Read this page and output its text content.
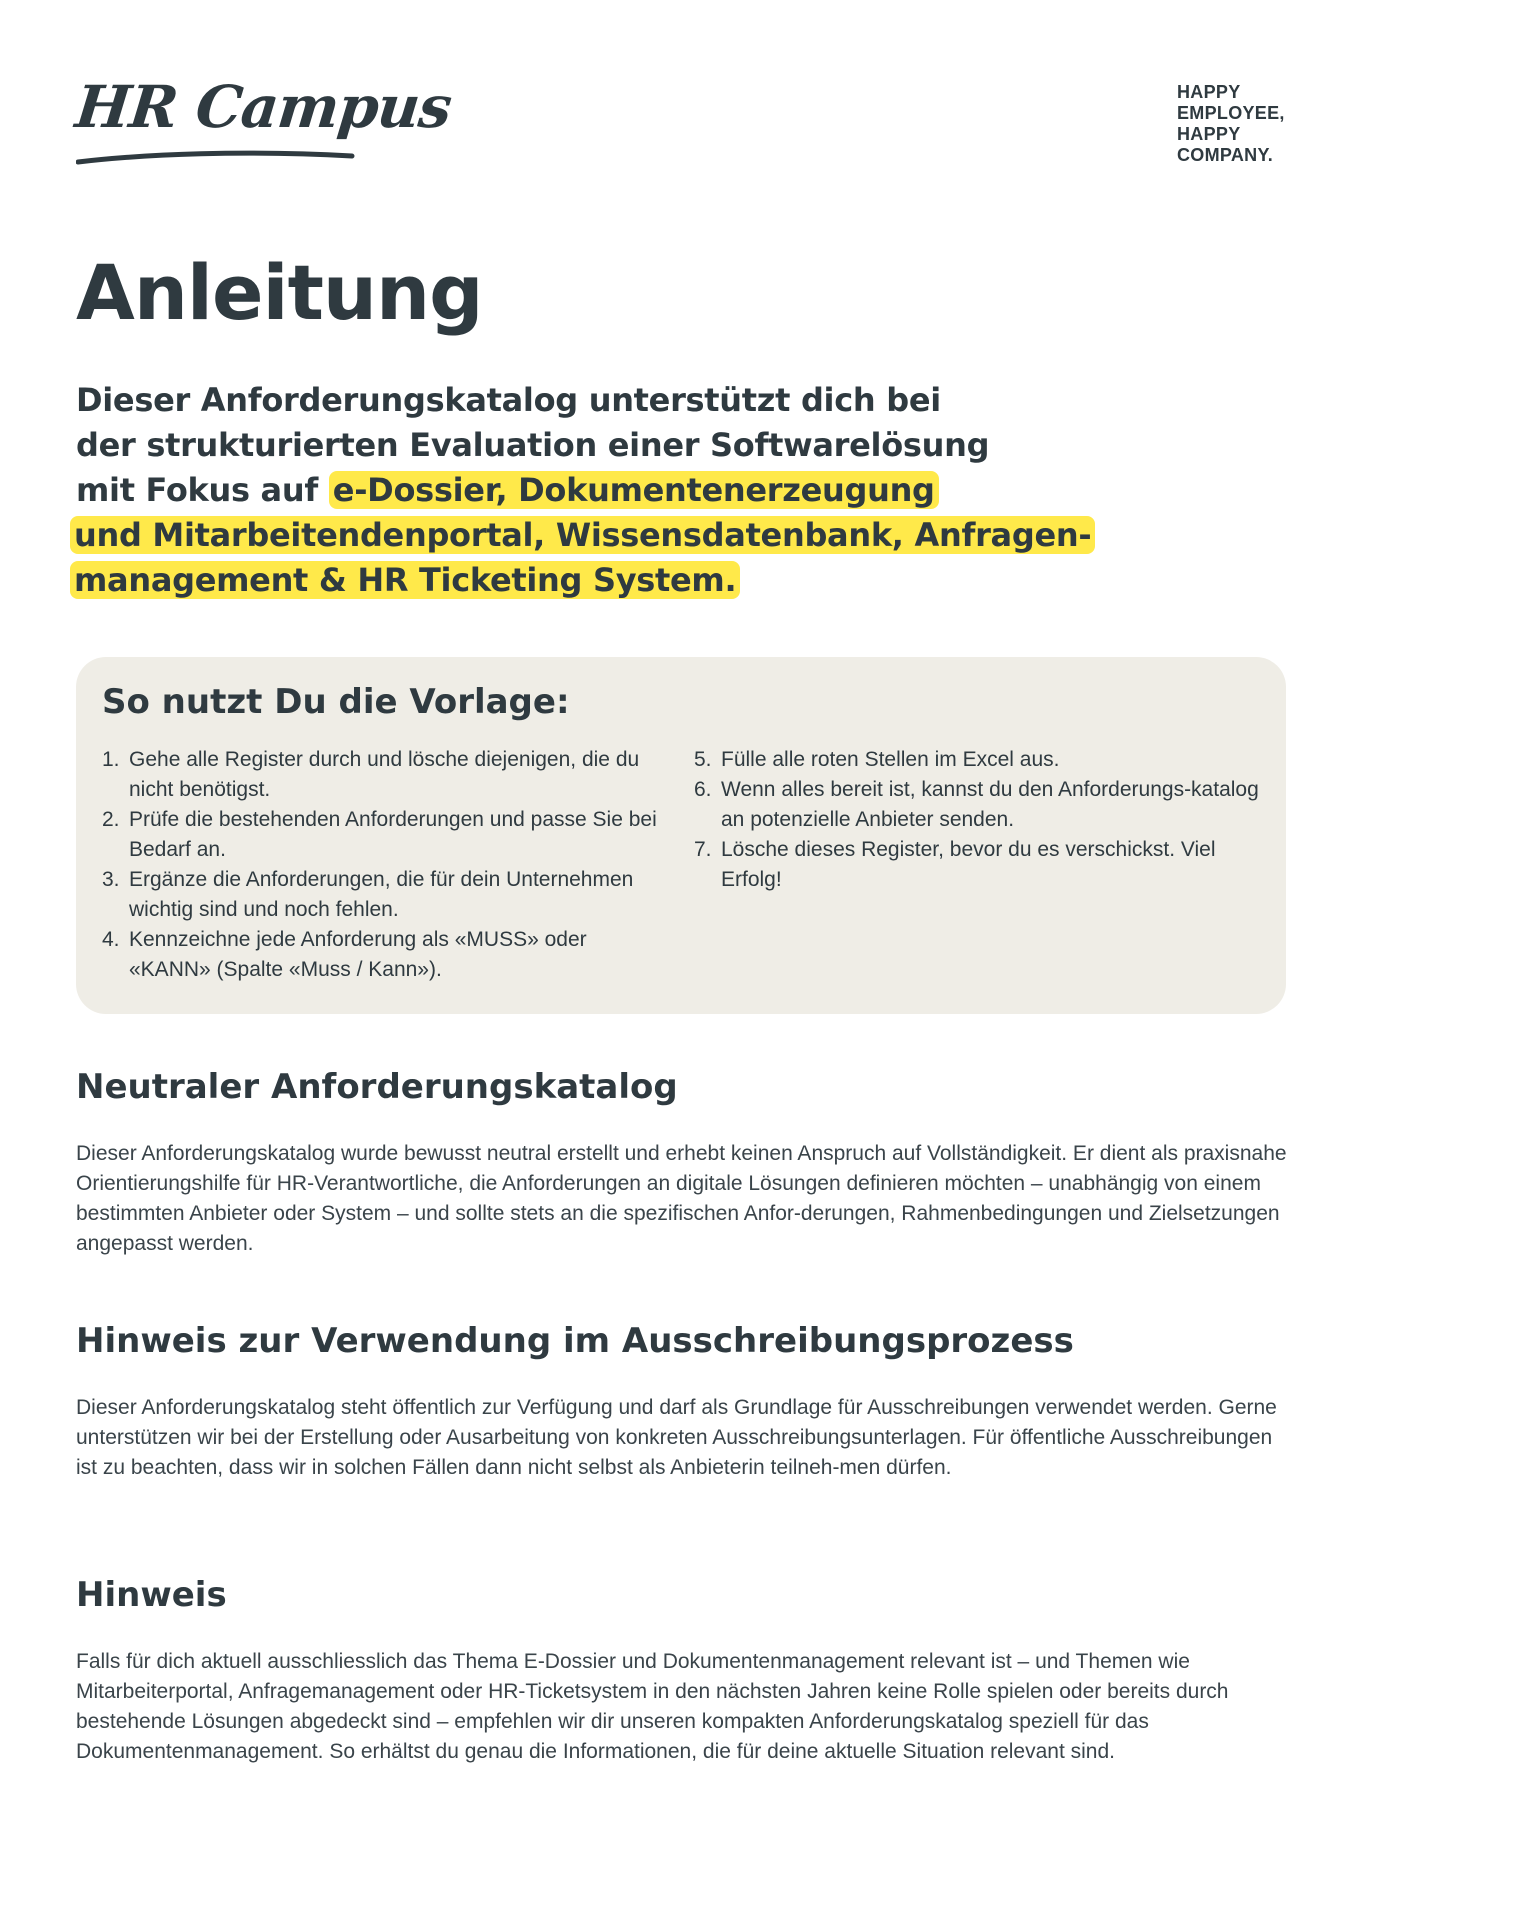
HR Campus	HAPPY
EMPLOYEE,
HAPPY
COMPANY.
Anleitung
Dieser Anforderungskatalog unterstützt dich bei
der strukturierten Evaluation einer Softwarelösung
mit Fokus auf e-Dossier, Dokumentenerzeugung
und Mitarbeitendenportal, Wissensdatenbank, Anfragen-
management & HR Ticketing System.
So nutzt Du die Vorlage:
1. Gehe alle Register durch und lösche diejenigen, die du nicht benötigst.
2. Prüfe die bestehenden Anforderungen und passe Sie bei Bedarf an.
3. Ergänze die Anforderungen, die für dein Unternehmen wichtig sind und noch fehlen.
4. Kennzeichne jede Anforderung als «MUSS» oder «KANN» (Spalte «Muss / Kann»).
5. Fülle alle roten Stellen im Excel aus.
6. Wenn alles bereit ist, kannst du den Anforderungs-katalog an potenzielle Anbieter senden.
7. Lösche dieses Register, bevor du es verschickst. Viel Erfolg!
Neutraler Anforderungskatalog
Dieser Anforderungskatalog wurde bewusst neutral erstellt und erhebt keinen Anspruch auf Vollständigkeit. Er dient als praxisnahe Orientierungshilfe für HR-Verantwortliche, die Anforderungen an digitale Lösungen definieren möchten – unabhängig von einem bestimmten Anbieter oder System – und sollte stets an die spezifischen Anfor-derungen, Rahmenbedingungen und Zielsetzungen angepasst werden.
Hinweis zur Verwendung im Ausschreibungsprozess
Dieser Anforderungskatalog steht öffentlich zur Verfügung und darf als Grundlage für Ausschreibungen verwendet werden. Gerne unterstützen wir bei der Erstellung oder Ausarbeitung von konkreten Ausschreibungsunterlagen. Für öffentliche Ausschreibungen ist zu beachten, dass wir in solchen Fällen dann nicht selbst als Anbieterin teilneh-men dürfen.
Hinweis
Falls für dich aktuell ausschliesslich das Thema E-Dossier und Dokumentenmanagement relevant ist – und Themen wie Mitarbeiterportal, Anfragemanagement oder HR-Ticketsystem in den nächsten Jahren keine Rolle spielen oder bereits durch bestehende Lösungen abgedeckt sind – empfehlen wir dir unseren kompakten Anforderungskatalog speziell für das Dokumentenmanagement. So erhältst du genau die Informationen, die für deine aktuelle Situation relevant sind.
